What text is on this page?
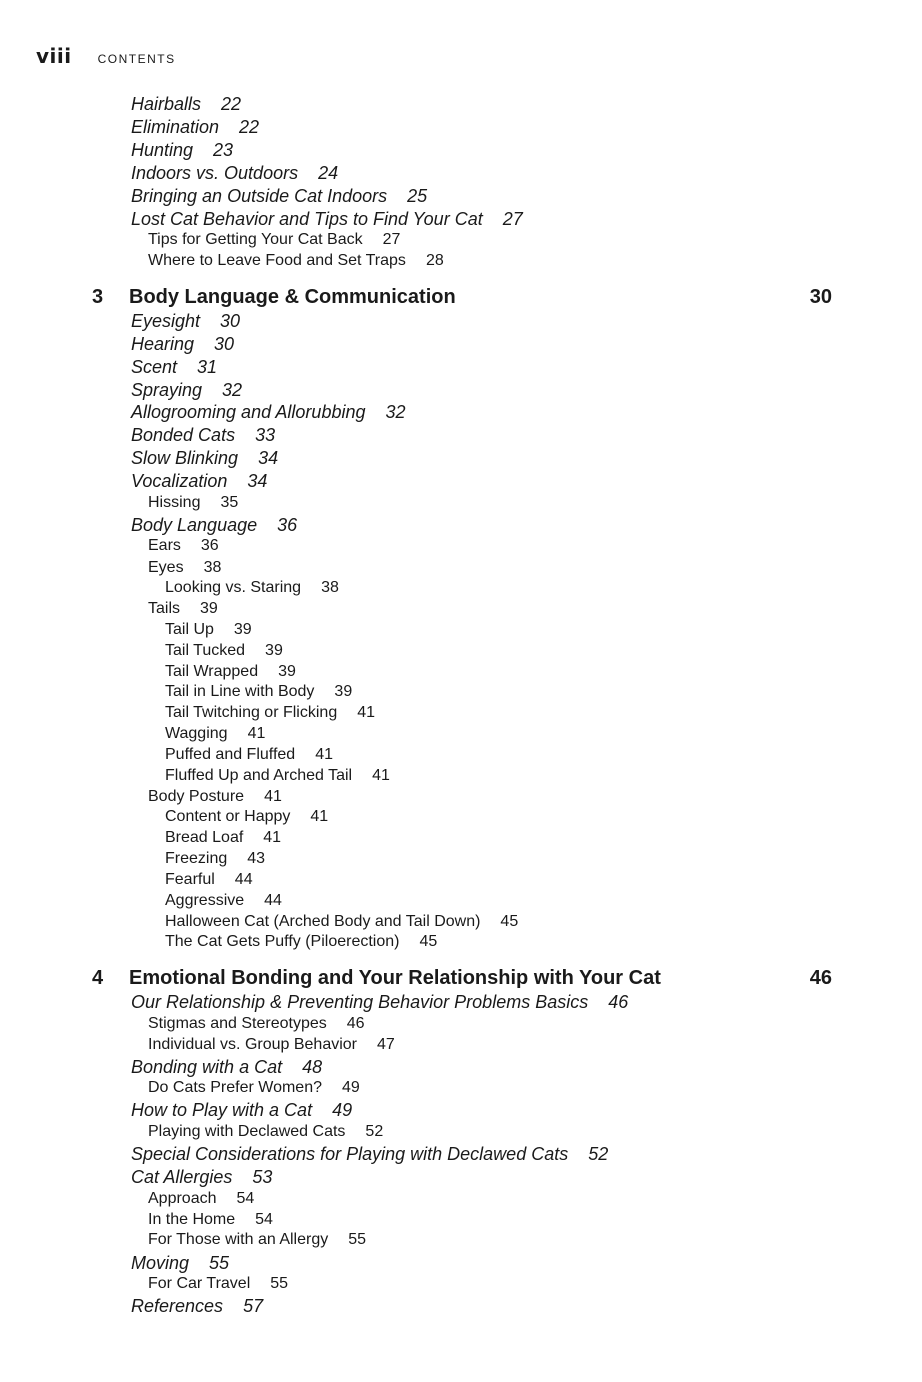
viii CONTENTS
Hairballs 22
Elimination 22
Hunting 23
Indoors vs. Outdoors 24
Bringing an Outside Cat Indoors 25
Lost Cat Behavior and Tips to Find Your Cat 27
Tips for Getting Your Cat Back 27
Where to Leave Food and Set Traps 28
3	Body Language & Communication	30
Eyesight 30
Hearing 30
Scent 31
Spraying 32
Allogrooming and Allorubbing 32
Bonded Cats 33
Slow Blinking 34
Vocalization 34
Hissing 35
Body Language 36
Ears 36
Eyes 38
Looking vs. Staring 38
Tails 39
Tail Up 39
Tail Tucked 39
Tail Wrapped 39
Tail in Line with Body 39
Tail Twitching or Flicking 41
Wagging 41
Puffed and Fluffed 41
Fluffed Up and Arched Tail 41
Body Posture 41
Content or Happy 41
Bread Loaf 41
Freezing 43
Fearful 44
Aggressive 44
Halloween Cat (Arched Body and Tail Down) 45
The Cat Gets Puffy (Piloerection) 45
4	Emotional Bonding and Your Relationship with Your Cat	46
Our Relationship & Preventing Behavior Problems Basics 46
Stigmas and Stereotypes 46
Individual vs. Group Behavior 47
Bonding with a Cat 48
Do Cats Prefer Women? 49
How to Play with a Cat 49
Playing with Declawed Cats 52
Special Considerations for Playing with Declawed Cats 52
Cat Allergies 53
Approach 54
In the Home 54
For Those with an Allergy 55
Moving 55
For Car Travel 55
References 57
